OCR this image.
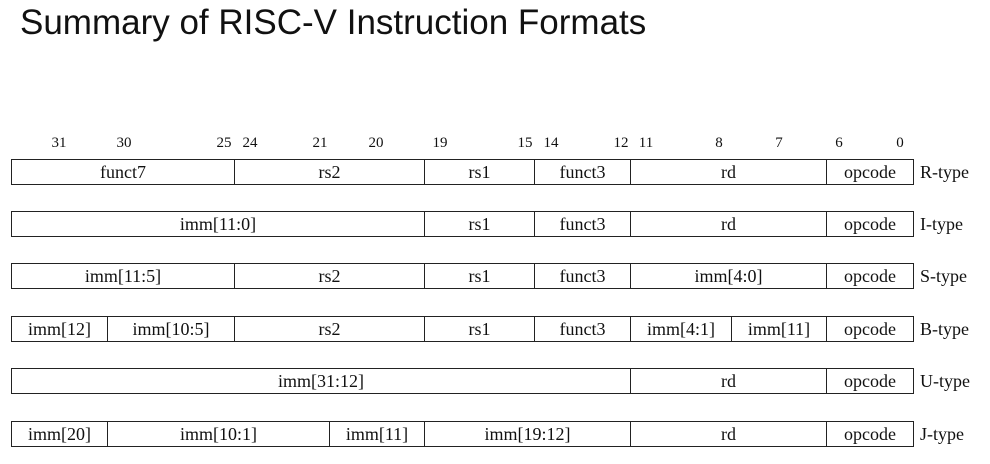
Summary of RISC-V Instruction Formats
31	30	25 24	21	20	19	15 14	12 11	8	7	6	0
funct7	rs2	rs1	funct3	rd	opcode	R-type
imm[11:0]	rs1	funct3	rd	opcode	I-type
imm[11:5]	rs2	rs1	funct3	imm[4:0]	opcode	S-type
imm[12]	imm[10:5]	rs2	rs1	funct3	imm[4:1]	imm[11]	opcode	B-type
imm[31:12]	rd	opcode	U-type
imm[20]	imm[10:1]	imm[11]	imm[19:12]	rd	opcode	J-type
